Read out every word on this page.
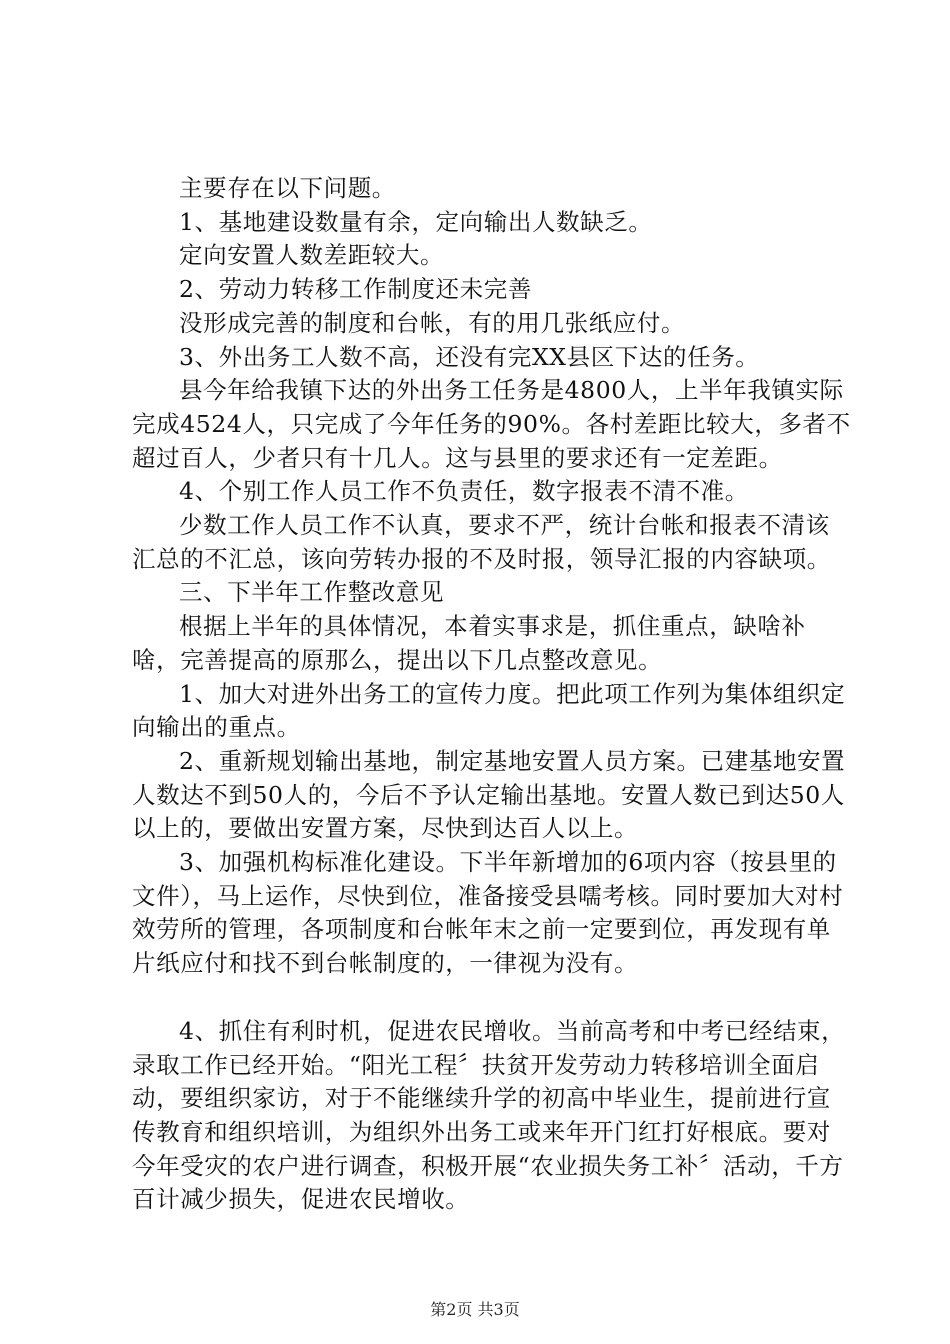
主要存在以下问题。

1、基地建设数量有余，定向输出人数缺乏。

定向安置人数差距较大。

2、劳动力转移工作制度还未完善

没形成完善的制度和台帐，有的用几张纸应付。

3、外出务工人数不高，还没有完XX县区下达的任务。

县今年给我镇下达的外出务工任务是4800人，上半年我镇实际完成4524人，只完成了今年任务的90%。各村差距比较大，多者不超过百人，少者只有十几人。这与县里的要求还有一定差距。

4、个别工作人员工作不负责任，数字报表不清不准。

少数工作人员工作不认真，要求不严，统计台帐和报表不清该汇总的不汇总，该向劳转办报的不及时报，领导汇报的内容缺项。

三、下半年工作整改意见

根据上半年的具体情况，本着实事求是，抓住重点，缺啥补啥，完善提高的原那么，提出以下几点整改意见。

1、加大对进外出务工的宣传力度。把此项工作列为集体组织定向输出的重点。

2、重新规划输出基地，制定基地安置人员方案。已建基地安置人数达不到50人的，今后不予认定输出基地。安置人数已到达50人以上的，要做出安置方案，尽快到达百人以上。

3、加强机构标准化建设。下半年新增加的6项内容（按县里的文件），马上运作，尽快到位，准备接受县嚅考核。同时要加大对村效劳所的管理，各项制度和台帐年末之前一定要到位，再发现有单片纸应付和找不到台帐制度的，一律视为没有。

4、抓住有利时机，促进农民增收。当前高考和中考已经结束，录取工作已经开始。“阳光工程〞扶贫开发劳动力转移培训全面启动，要组织家访，对于不能继续升学的初高中毕业生，提前进行宣传教育和组织培训，为组织外出务工或来年开门红打好根底。要对今年受灾的农户进行调查，积极开展“农业损失务工补〞活动，千方百计减少损失，促进农民增收。

第2页 共3页
